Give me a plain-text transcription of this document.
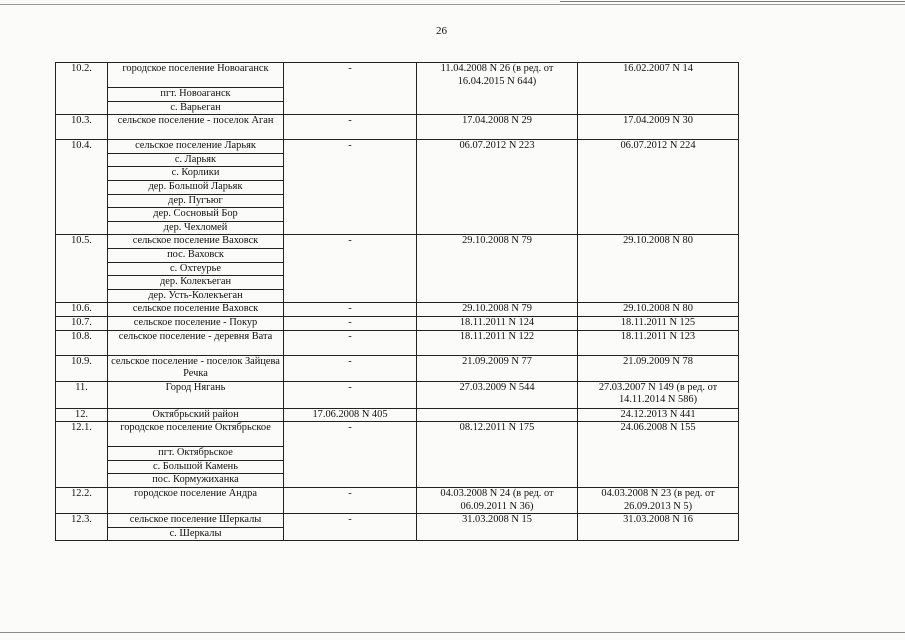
26
10.2.	городское поселение Новоаганск	-	11.04.2008 N 26 (в ред. от 16.04.2015 N 644)	16.02.2007 N 14
	пгт. Новоаганск			
	с. Варьеган			
10.3.	сельское поселение - поселок Аган	-	17.04.2008 N 29	17.04.2009 N 30
10.4.	сельское поселение Ларьяк	-	06.07.2012 N 223	06.07.2012 N 224
	с. Ларьяк			
	с. Корлики			
	дер. Большой Ларьяк			
	дер. Пугъюг			
	дер. Сосновый Бор			
	дер. Чехломей			
10.5.	сельское поселение Ваховск	-	29.10.2008 N 79	29.10.2008 N 80
	пос. Ваховск			
	с. Охтеурье			
	дер. Колекъеган			
	дер. Усть-Колекъеган			
10.6.	сельское поселение Ваховск	-	29.10.2008 N 79	29.10.2008 N 80
10.7.	сельское поселение - Покур	-	18.11.2011 N 124	18.11.2011 N 125
10.8.	сельское поселение - деревня Вата	-	18.11.2011 N 122	18.11.2011 N 123
10.9.	сельское поселение - поселок Зайцева Речка	-	21.09.2009 N 77	21.09.2009 N 78
11.	Город Нягань	-	27.03.2009 N 544	27.03.2007 N 149 (в ред. от 14.11.2014 N 586)
12.	Октябрьский район	17.06.2008 N 405		24.12.2013 N 441
12.1.	городское поселение Октябрьское	-	08.12.2011 N 175	24.06.2008 N 155
	пгт. Октябрьское			
	с. Большой Камень			
	пос. Кормужиханка			
12.2.	городское поселение Андра	-	04.03.2008 N 24 (в ред. от 06.09.2011 N 36)	04.03.2008 N 23 (в ред. от 26.09.2013 N 5)
12.3.	сельское поселение Шеркалы	-	31.03.2008 N 15	31.03.2008 N 16
	с. Шеркалы			
